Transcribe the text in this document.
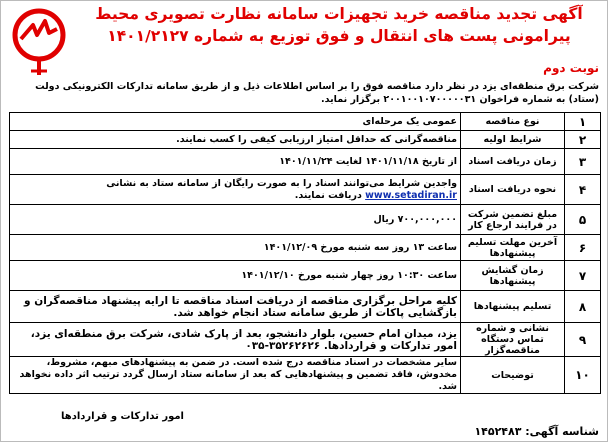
آگهی تجدید مناقصه خرید تجهیزات سامانه نظارت تصویری محیط
پیرامونی پست های انتقال و فوق توزیع به شماره ۱۴۰۱/۲۱۲۷
نوبت دوم
شرکت برق منطقه‌ای یزد در نظر دارد مناقصه فوق را بر اساس اطلاعات ذیل و از طریق سامانه تدارکات الکترونیکی دولت (ستاد) به شماره فراخوان ۲۰۰۱۰۰۱۰۷۰۰۰۰۰۳۱ برگزار نماید.
۱	نوع مناقصه	عمومی یک مرحله‌ای
۲	شرایط اولیه	مناقصه‌گرانی که حداقل امتیاز ارزیابی کیفی را کسب نمایند.
۳	زمان دریافت اسناد	از تاریخ ۱۴۰۱/۱۱/۱۸ لغایت ۱۴۰۱/۱۱/۲۴
۴	نحوه دریافت اسناد	واجدین شرایط می‌توانند اسناد را به صورت رایگان از سامانه ستاد به نشانی www.setadiran.ir دریافت نمایند.
۵	مبلغ تضمین شرکت در فرایند ارجاع کار	۷۰۰,۰۰۰,۰۰۰ ریال
۶	آخرین مهلت تسلیم پیشنهادها	ساعت ۱۳ روز سه شنبه مورخ ۱۴۰۱/۱۲/۰۹
۷	زمان گشایش پیشنهادها	ساعت ۱۰:۳۰ روز چهار شنبه مورخ ۱۴۰۱/۱۲/۱۰
۸	تسلیم پیشنهادها	کلیه مراحل برگزاری مناقصه از دریافت اسناد مناقصه تا ارایه پیشنهاد مناقصه‌گران و بازگشایی پاکات از طریق سامانه ستاد انجام خواهد شد.
۹	نشانی و شماره تماس دستگاه مناقصه‌گزار	یزد، میدان امام حسین، بلوار دانشجو، بعد از پارک شادی، شرکت برق منطقه‌ای یزد، امور تدارکات و قراردادها. ۳۵۲۶۲۶۲۶-۰۳۵
۱۰	توضیحات	سایر مشخصات در اسناد مناقصه درج شده است. در ضمن به پیشنهادهای مبهم، مشروط، مخدوش، فاقد تضمین و پیشنهادهایی که بعد از سامانه ستاد ارسال گردد ترتیب اثر داده نخواهد شد.
امور تدارکات و قراردادها
شناسه آگهی: ۱۴۵۲۴۸۳
